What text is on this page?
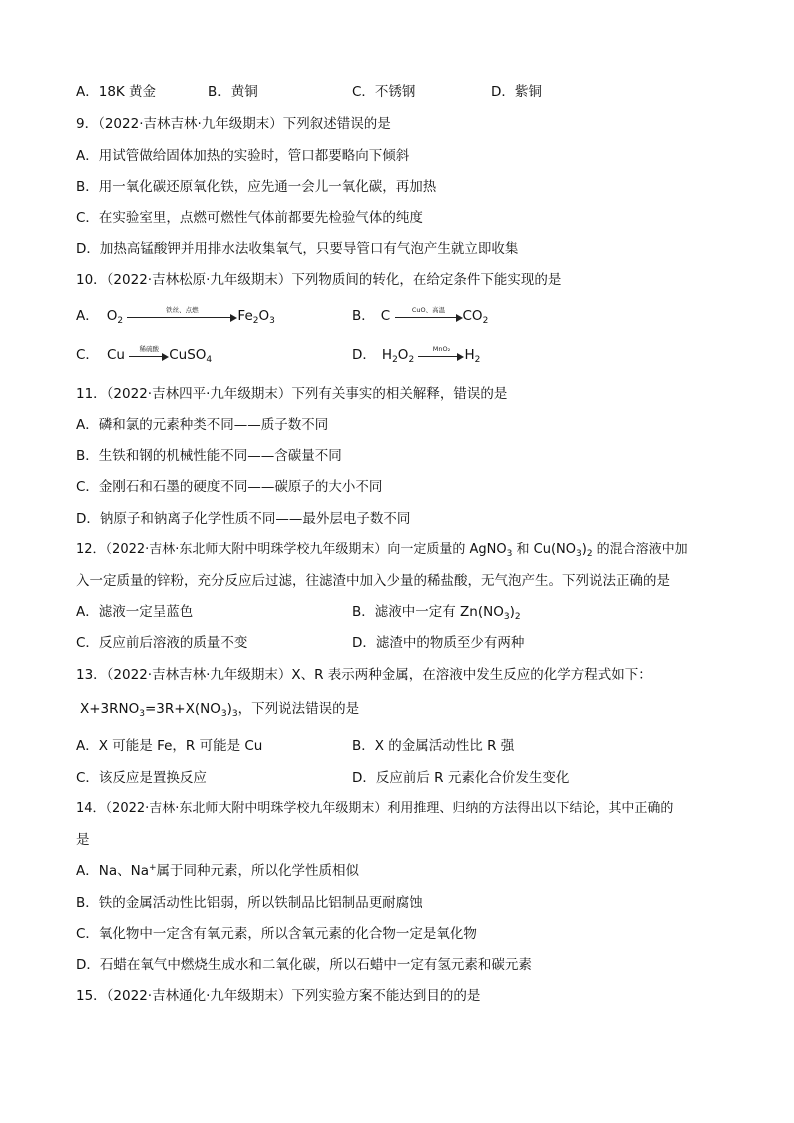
A．18K 黄金	B．黄铜	C．不锈钢	D．紫铜
9．（2022·吉林吉林·九年级期末）下列叙述错误的是
A．用试管做给固体加热的实验时，管口都要略向下倾斜
B．用一氧化碳还原氧化铁，应先通一会儿一氧化碳，再加热
C．在实验室里，点燃可燃性气体前都要先检验气体的纯度
D．加热高锰酸钾并用排水法收集氧气，只要导管口有气泡产生就立即收集
10．（2022·吉林松原·九年级期末）下列物质间的转化，在给定条件下能实现的是
A． $O_2$
铁丝、点燃	$Fe_2O_3$	B． C	CuO、高温	$CO_2$
C． Cu	稀硫酸 CuSO$_4$	D． $H_2O_2$
MnO₂	$H_2$
11．（2022·吉林四平·九年级期末）下列有关事实的相关解释，错误的是
A．磷和氯的元素种类不同——质子数不同
B．生铁和钢的机械性能不同——含碳量不同
C．金刚石和石墨的硬度不同——碳原子的大小不同
D．钠原子和钠离子化学性质不同——最外层电子数不同
12．（2022·吉林·东北师大附中明珠学校九年级期末）向一定质量的 AgNO$_3$ 和 $Cu(NO_3)_2$ 的混合溶液中加
入一定质量的锌粉，充分反应后过滤，往滤渣中加入少量的稀盐酸，无气泡产生。下列说法正确的是
A．滤液一定呈蓝色	B．滤液中一定有 $Zn(NO_3)_2$
C．反应前后溶液的质量不变	D．滤渣中的物质至少有两种
13．（2022·吉林吉林·九年级期末）X、R 表示两种金属，在溶液中发生反应的化学方程式如下：
$X+3RNO_3=3R+X(NO_3)_3$，下列说法错误的是
A．X 可能是 Fe，R 可能是 Cu	B．X 的金属活动性比 R 强
C．该反应是置换反应	D．反应前后 R 元素化合价发生变化
14．（2022·吉林·东北师大附中明珠学校九年级期末）利用推理、归纳的方法得出以下结论，其中正确的
是
A．Na、Na+属于同种元素，所以化学性质相似
B．铁的金属活动性比铝弱，所以铁制品比铝制品更耐腐蚀
C．氧化物中一定含有氧元素，所以含氧元素的化合物一定是氧化物
D．石蜡在氧气中燃烧生成水和二氧化碳，所以石蜡中一定有氢元素和碳元素
15．（2022·吉林通化·九年级期末）下列实验方案不能达到目的的是
